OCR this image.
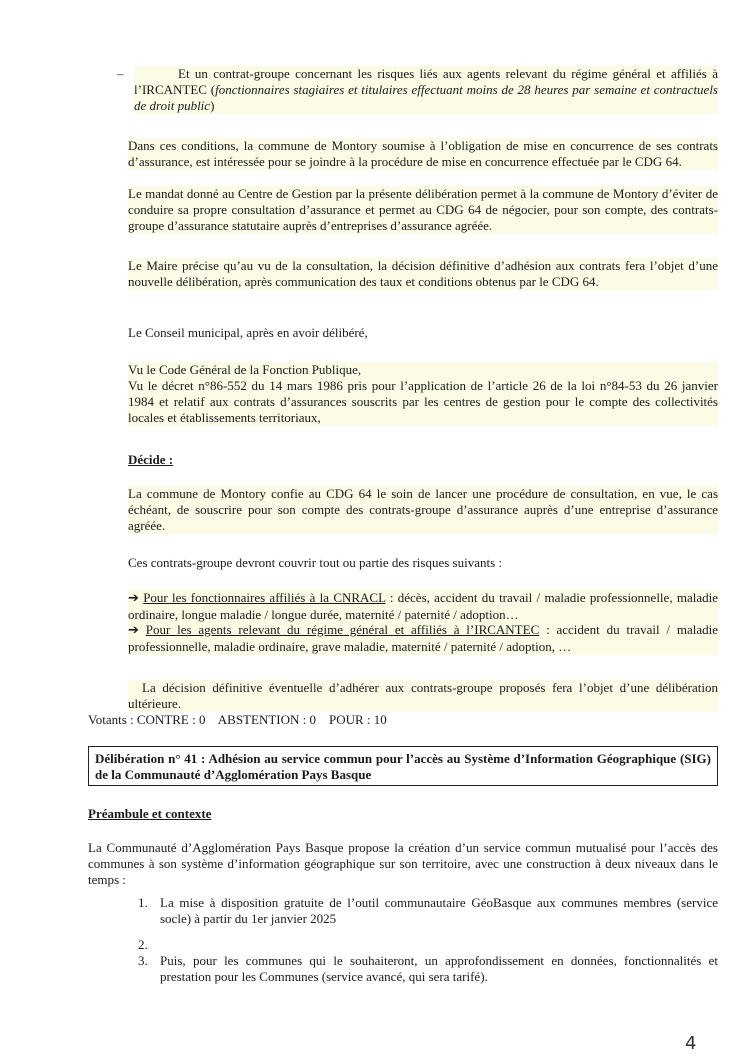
–	Et un contrat-groupe concernant les risques liés aux agents relevant du régime général et affiliés à l’IRCANTEC (fonctionnaires stagiaires et titulaires effectuant moins de 28 heures par semaine et contractuels de droit public)
Dans ces conditions, la commune de Montory soumise à l’obligation de mise en concurrence de ses contrats d’assurance, est intéressée pour se joindre à la procédure de mise en concurrence effectuée par le CDG 64.
Le mandat donné au Centre de Gestion par la présente délibération permet à la commune de Montory d’éviter de conduire sa propre consultation d’assurance et permet au CDG 64 de négocier, pour son compte, des contrats-groupe d’assurance statutaire auprès d’entreprises d’assurance agréée.
Le Maire précise qu’au vu de la consultation, la décision définitive d’adhésion aux contrats fera l’objet d’une nouvelle délibération, après communication des taux et conditions obtenus par le CDG 64.
Le Conseil municipal, après en avoir délibéré,
Vu le Code Général de la Fonction Publique,
Vu le décret n°86-552 du 14 mars 1986 pris pour l’application de l’article 26 de la loi n°84-53 du 26 janvier 1984 et relatif aux contrats d’assurances souscrits par les centres de gestion pour le compte des collectivités locales et établissements territoriaux,
Décide :
La commune de Montory confie au CDG 64 le soin de lancer une procédure de consultation, en vue, le cas échéant, de souscrire pour son compte des contrats-groupe d’assurance auprès d’une entreprise d’assurance agréée.
Ces contrats-groupe devront couvrir tout ou partie des risques suivants :
➔ Pour les fonctionnaires affiliés à la CNRACL : décès, accident du travail / maladie professionnelle, maladie ordinaire, longue maladie / longue durée, maternité / paternité / adoption…
➔ Pour les agents relevant du régime général et affiliés à l’IRCANTEC : accident du travail / maladie professionnelle, maladie ordinaire, grave maladie, maternité / paternité / adoption, …
La décision définitive éventuelle d’adhérer aux contrats-groupe proposés fera l’objet d’une délibération ultérieure.
Votants : CONTRE : 0    ABSTENTION : 0    POUR : 10
Délibération n° 41 : Adhésion au service commun pour l’accès au Système d’Information Géographique (SIG) de la Communauté d’Agglomération Pays Basque
Préambule et contexte
La Communauté d’Agglomération Pays Basque propose la création d’un service commun mutualisé pour l’accès des communes à son système d’information géographique sur son territoire, avec une construction à deux niveaux dans le temps :
1. La mise à disposition gratuite de l’outil communautaire GéoBasque aux communes membres (service socle) à partir du 1er janvier 2025
2.
3. Puis, pour les communes qui le souhaiteront, un approfondissement en données, fonctionnalités et prestation pour les Communes (service avancé, qui sera tarifé).
4
